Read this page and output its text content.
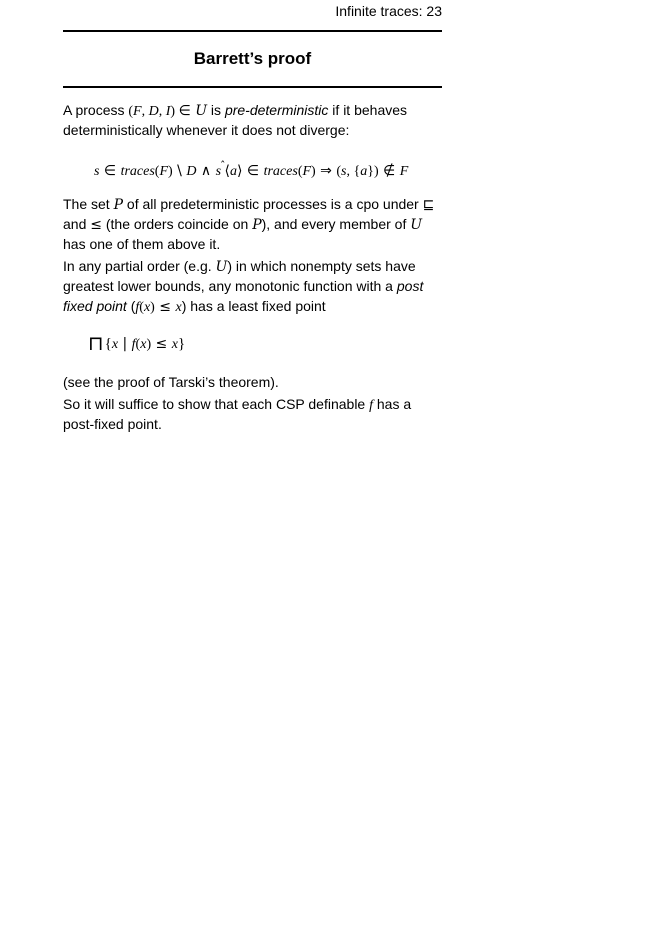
Infinite traces: 23
Barrett’s proof
A process (F, D, I) ∈ U is pre-deterministic if it behaves
deterministically whenever it does not diverge:
s ∈ traces(F) \ D ∧ $s^ˆ⟨a⟩$ ∈ traces(F) ⇒ (s, {a}) ∉ F
The set P of all predeterministic processes is a cpo under ⊑
and ≤ (the orders coincide on P), and every member of U
has one of them above it.
In any partial order (e.g. U) in which nonempty sets have
greatest lower bounds, any monotonic function with a post
fixed point (f(x) ≤ x) has a least fixed point
⊓{x | f(x) ≤ x}
(see the proof of Tarski’s theorem).
So it will suffice to show that each CSP definable f has a
post-fixed point.
